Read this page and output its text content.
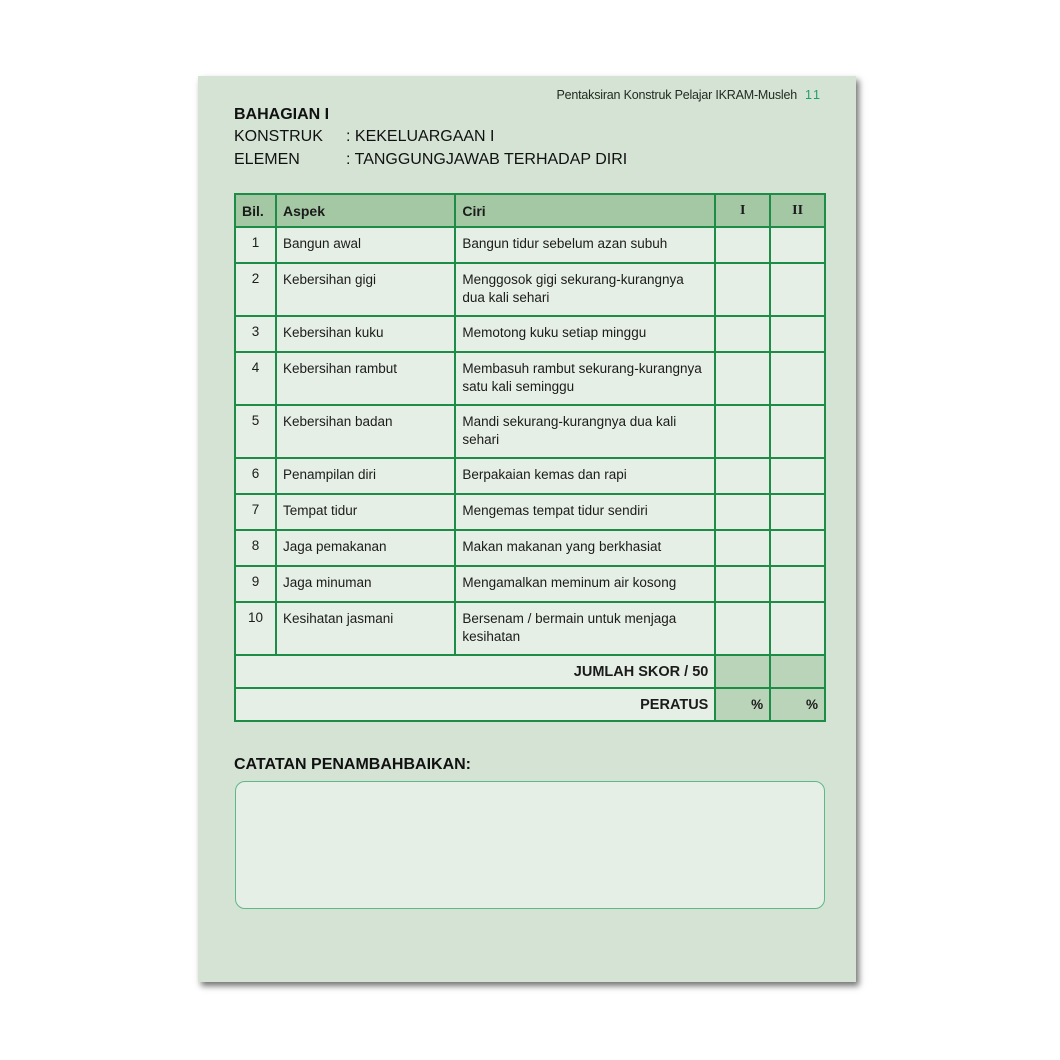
Pentaksiran Konstruk Pelajar IKRAM-Musleh 11
BAHAGIAN I
KONSTRUK : KEKELUARGAAN I
ELEMEN	: TANGGUNGJAWAB TERHADAP DIRI
Bil.	Aspek	Ciri	I	II
1	Bangun awal	Bangun tidur sebelum azan subuh		
2	Kebersihan gigi	Menggosok gigi sekurang-kurangnya dua kali sehari		
3	Kebersihan kuku	Memotong kuku setiap minggu		
4	Kebersihan rambut	Membasuh rambut sekurang-kurangnya satu kali seminggu		
5	Kebersihan badan	Mandi sekurang-kurangnya dua kali sehari		
6	Penampilan diri	Berpakaian kemas dan rapi		
7	Tempat tidur	Mengemas tempat tidur sendiri		
8	Jaga pemakanan	Makan makanan yang berkhasiat		
9	Jaga minuman	Mengamalkan meminum air kosong		
10	Kesihatan jasmani	Bersenam / bermain untuk menjaga kesihatan		
JUMLAH SKOR / 50				
PERATUS			%	%
CATATAN PENAMBAHBAIKAN:
